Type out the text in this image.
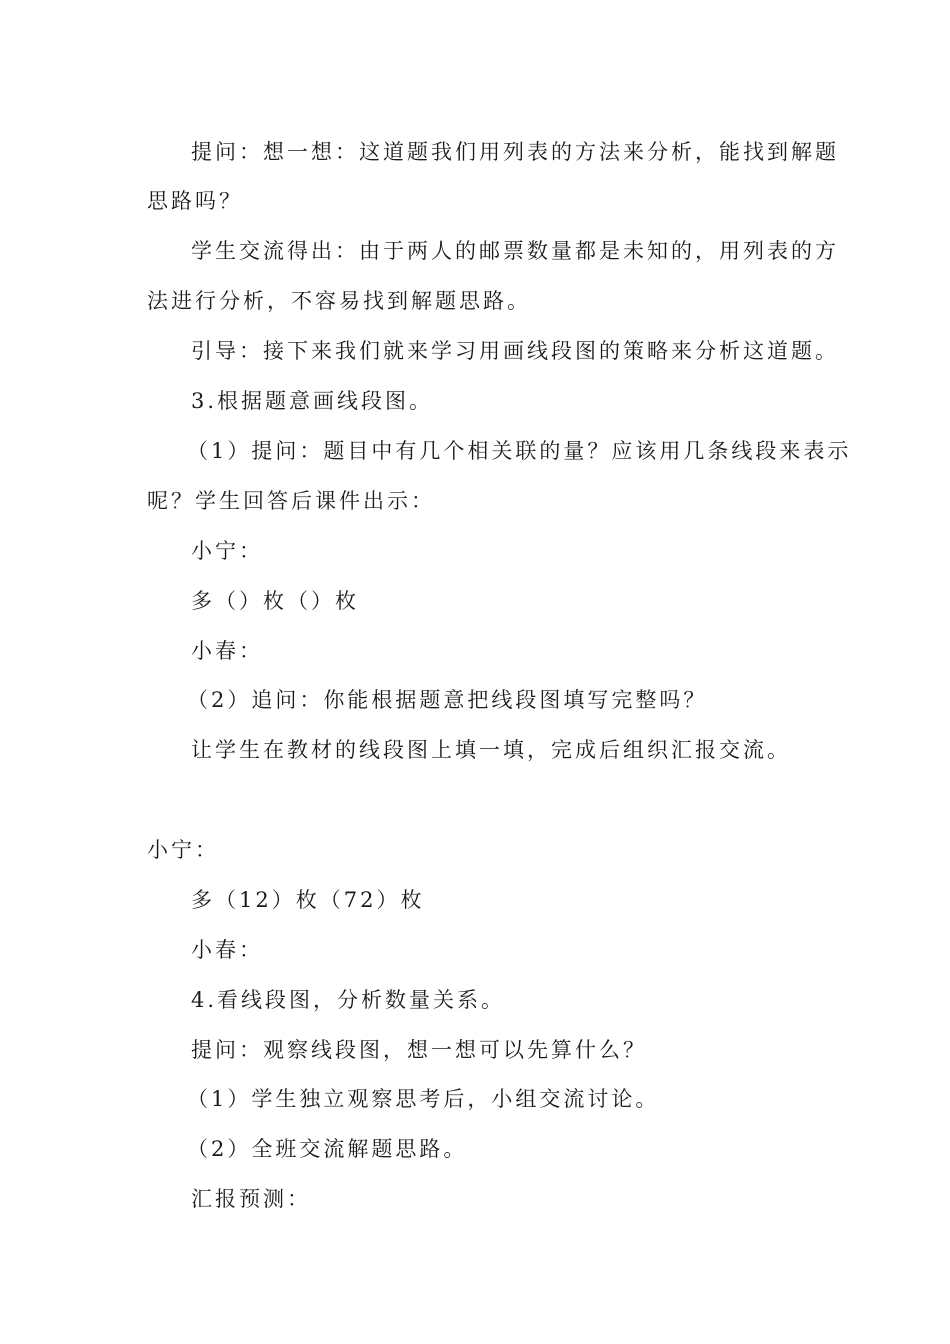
提问：想一想：这道题我们用列表的方法来分析，能找到解题
思路吗？
学生交流得出：由于两人的邮票数量都是未知的，用列表的方
法进行分析，不容易找到解题思路。
引导：接下来我们就来学习用画线段图的策略来分析这道题。
3.根据题意画线段图。
（1）提问：题目中有几个相关联的量？应该用几条线段来表示
呢？学生回答后课件出示：
小宁：
多（）枚（）枚
小春：
（2）追问：你能根据题意把线段图填写完整吗？
让学生在教材的线段图上填一填，完成后组织汇报交流。
小宁：
多（12）枚（72）枚
小春：
4.看线段图，分析数量关系。
提问：观察线段图，想一想可以先算什么？
（1）学生独立观察思考后，小组交流讨论。
（2）全班交流解题思路。
汇报预测：
